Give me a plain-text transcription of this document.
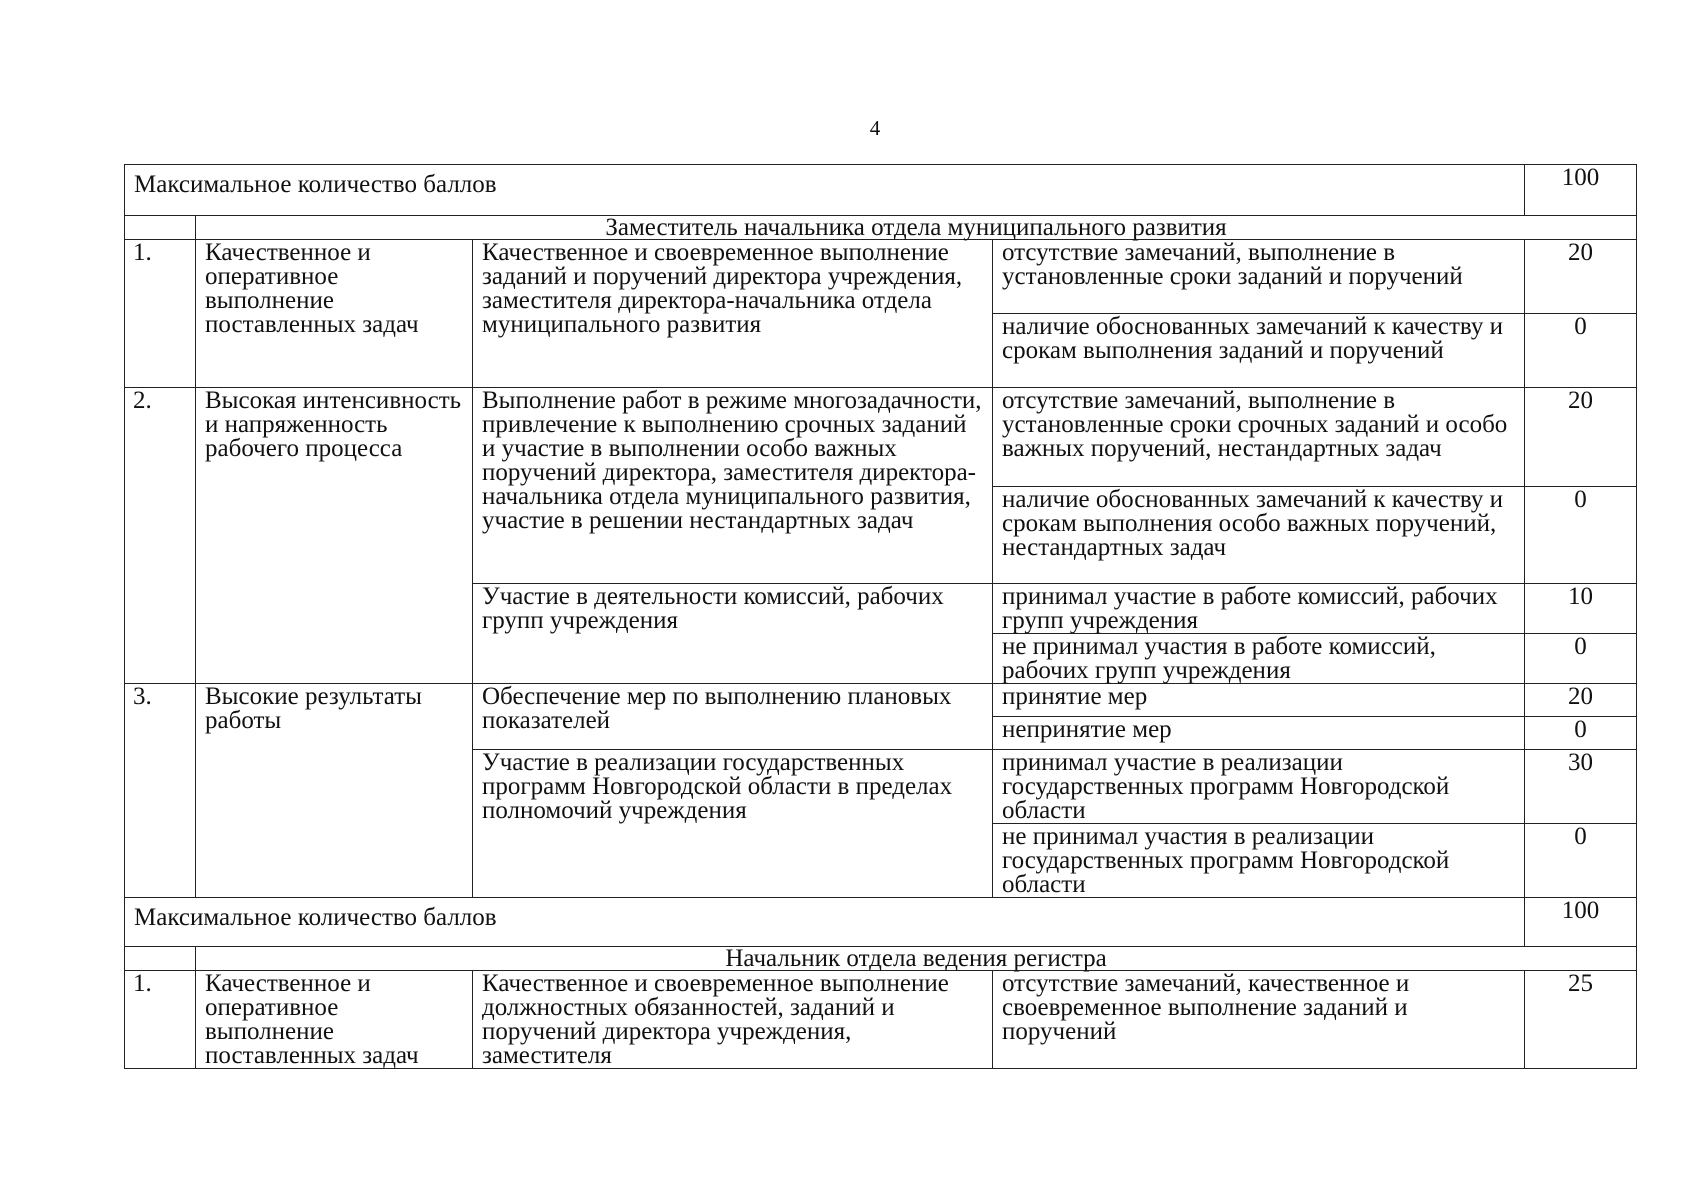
4
Максимальное количество баллов				100
	Заместитель начальника отдела муниципального развития			
1.	Качественное и оперативное выполнение поставленных задач	Качественное и своевременное выполнение заданий и поручений директора учреждения, заместителя директора-начальника отдела муниципального развития	отсутствие замечаний, выполнение в установленные сроки заданий и поручений	20
			наличие обоснованных замечаний к качеству и срокам выполнения заданий и поручений	0
2.	Высокая интенсивность и напряженность рабочего процесса	Выполнение работ в режиме многозадачности, привлечение к выполнению срочных заданий и участие в выполнении особо важных поручений директора, заместителя директора-начальника отдела муниципального развития, участие в решении нестандартных задач	отсутствие замечаний, выполнение в установленные сроки срочных заданий и особо важных поручений, нестандартных задач	20
			наличие обоснованных замечаний к качеству и срокам выполнения особо важных поручений, нестандартных задач	0
		Участие в деятельности комиссий, рабочих групп учреждения	принимал участие в работе комиссий, рабочих групп учреждения	10
			не принимал участия в работе комиссий, рабочих групп учреждения	0
3.	Высокие результаты работы	Обеспечение мер по выполнению плановых показателей	принятие мер	20
			непринятие мер	0
		Участие в реализации государственных программ Новгородской области в пределах полномочий учреждения	принимал участие в реализации государственных программ Новгородской области	30
			не принимал участия в реализации государственных программ Новгородской области	0
Максимальное количество баллов				100
	Начальник отдела ведения регистра			
1.	Качественное и оперативное выполнение поставленных задач	Качественное и своевременное выполнение должностных обязанностей, заданий и поручений директора учреждения, заместителя	отсутствие замечаний, качественное и своевременное выполнение заданий и поручений	25
